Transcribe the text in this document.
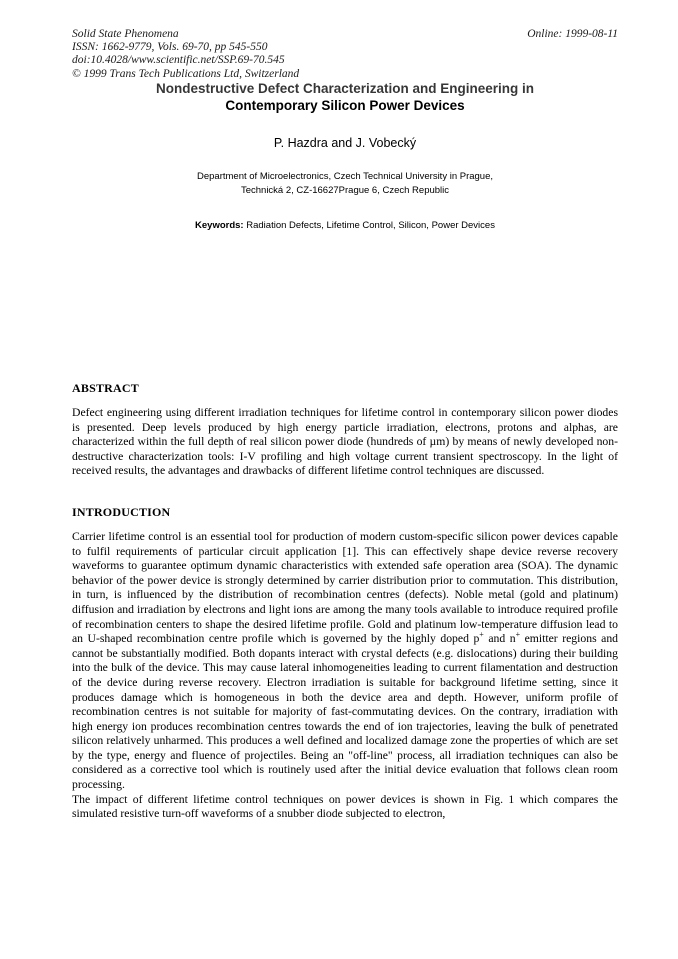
Solid State Phenomena
ISSN: 1662-9779, Vols. 69-70, pp 545-550
doi:10.4028/www.scientific.net/SSP.69-70.545
© 1999 Trans Tech Publications Ltd, Switzerland
Online: 1999-08-11
Nondestructive Defect Characterization and Engineering in
Contemporary Silicon Power Devices
P. Hazdra and J. Vobecký
Department of Microelectronics, Czech Technical University in Prague,
Technická 2, CZ-16627Prague 6, Czech Republic
Keywords: Radiation Defects, Lifetime Control, Silicon, Power Devices
ABSTRACT

Defect engineering using different irradiation techniques for lifetime control in contemporary silicon power diodes is presented. Deep levels produced by high energy particle irradiation, electrons, protons and alphas, are characterized within the full depth of real silicon power diode (hundreds of µm) by means of newly developed non-destructive characterization tools: I-V profiling and high voltage current transient spectroscopy. In the light of received results, the advantages and drawbacks of different lifetime control techniques are discussed.

INTRODUCTION

Carrier lifetime control is an essential tool for production of modern custom-specific silicon power devices capable to fulfil requirements of particular circuit application [1]. This can effectively shape device reverse recovery waveforms to guarantee optimum dynamic characteristics with extended safe operation area (SOA). The dynamic behavior of the power device is strongly determined by carrier distribution prior to commutation. This distribution, in turn, is influenced by the distribution of recombination centres (defects). Noble metal (gold and platinum) diffusion and irradiation by electrons and light ions are among the many tools available to introduce required profile of recombination centers to shape the desired lifetime profile. Gold and platinum low-temperature diffusion lead to an U-shaped recombination centre profile which is governed by the highly doped p+ and n+ emitter regions and cannot be substantially modified. Both dopants interact with crystal defects (e.g. dislocations) during their building into the bulk of the device. This may cause lateral inhomogeneities leading to current filamentation and destruction of the device during reverse recovery. Electron irradiation is suitable for background lifetime setting, since it produces damage which is homogeneous in both the device area and depth. However, uniform profile of recombination centres is not suitable for majority of fast-commutating devices. On the contrary, irradiation with high energy ion produces recombination centres towards the end of ion trajectories, leaving the bulk of penetrated silicon relatively unharmed. This produces a well defined and localized damage zone the properties of which are set by the type, energy and fluence of projectiles. Being an "off-line" process, all irradiation techniques can also be considered as a corrective tool which is routinely used after the initial device evaluation that follows clean room processing.

The impact of different lifetime control techniques on power devices is shown in Fig. 1 which compares the simulated resistive turn-off waveforms of a snubber diode subjected to electron,
